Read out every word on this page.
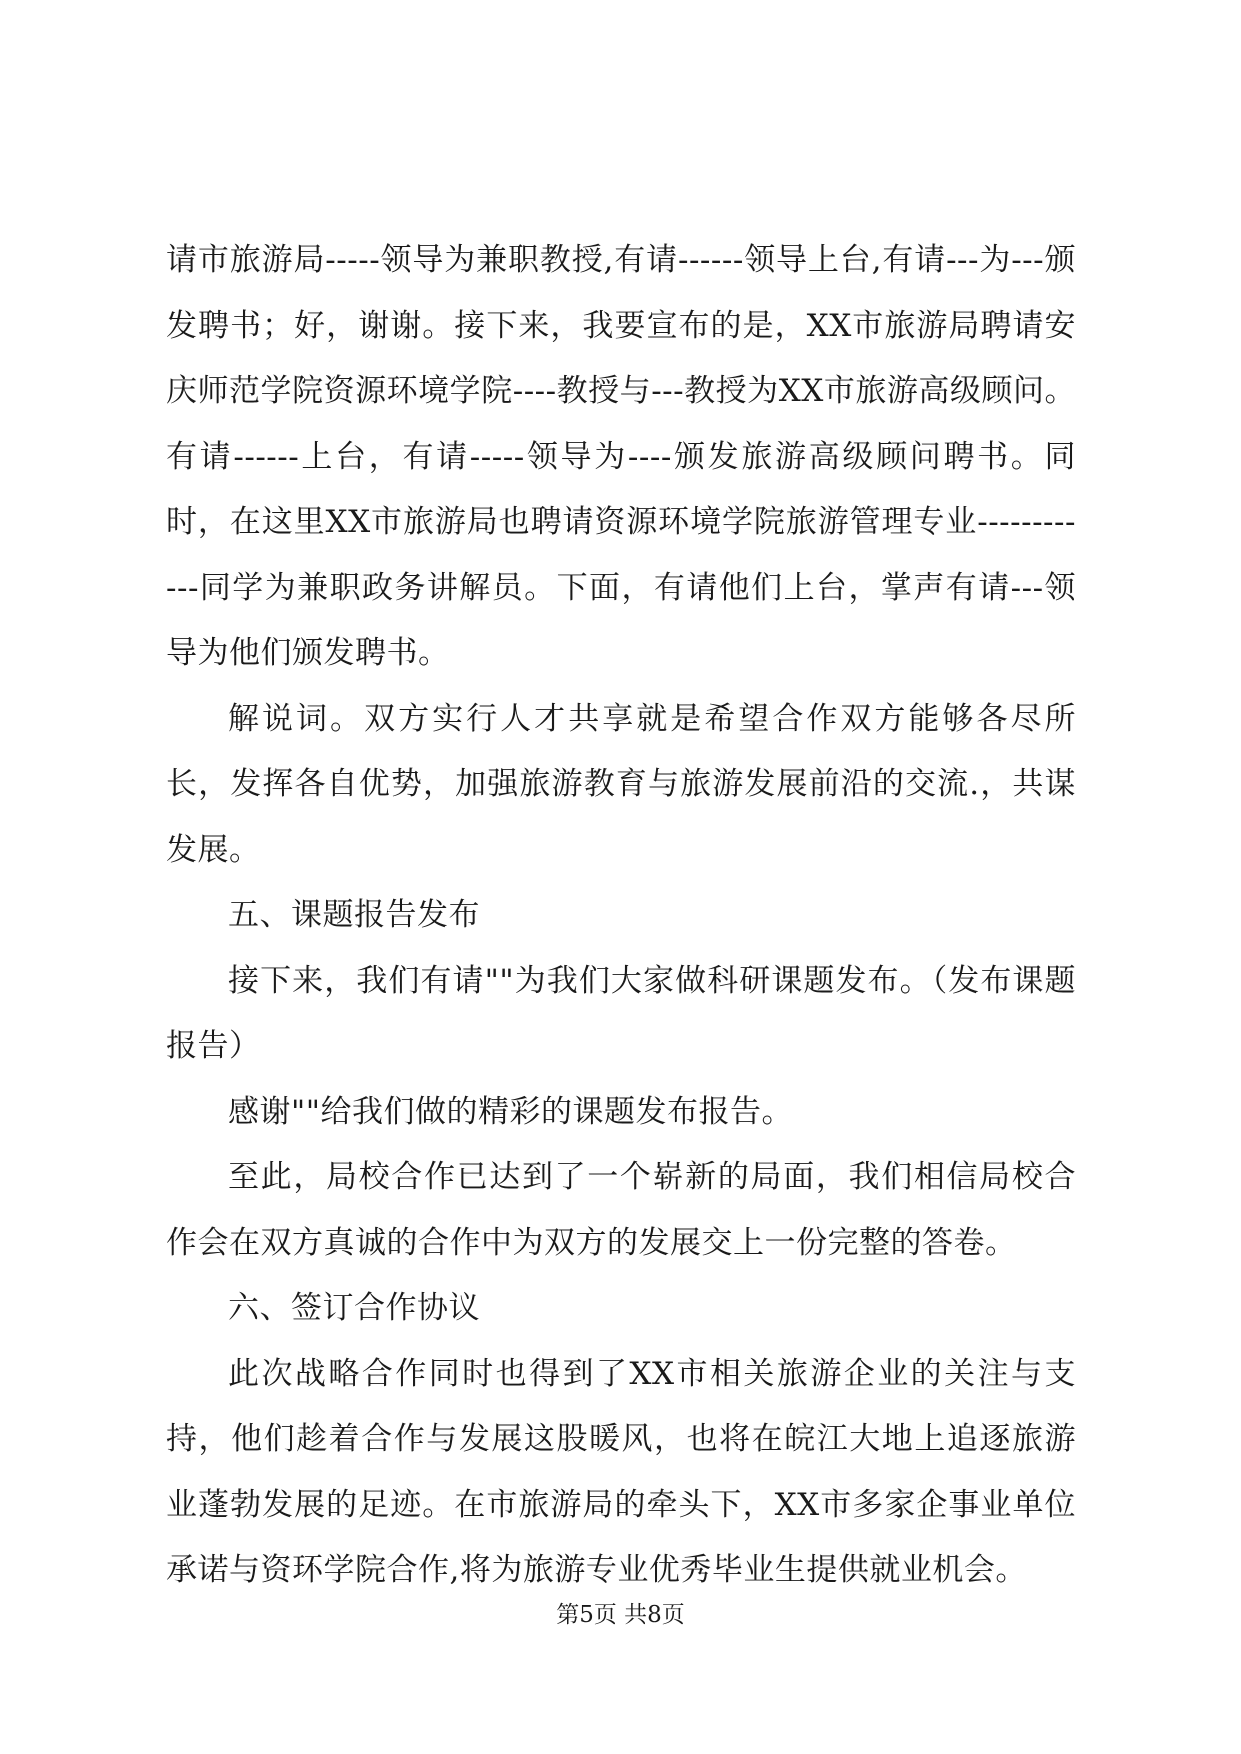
请市旅游局-----领导为兼职教授,有请------领导上台,有请---为---颁发聘书；好，谢谢。接下来，我要宣布的是，XX市旅游局聘请安庆师范学院资源环境学院----教授与---教授为XX市旅游高级顾问。有请------上台，有请-----领导为----颁发旅游高级顾问聘书。同时，在这里XX市旅游局也聘请资源环境学院旅游管理专业------------同学为兼职政务讲解员。下面，有请他们上台，掌声有请---领导为他们颁发聘书。

解说词。双方实行人才共享就是希望合作双方能够各尽所长，发挥各自优势，加强旅游教育与旅游发展前沿的交流.，共谋发展。

五、课题报告发布

接下来，我们有请""为我们大家做科研课题发布。（发布课题报告）

感谢""给我们做的精彩的课题发布报告。

至此，局校合作已达到了一个崭新的局面，我们相信局校合作会在双方真诚的合作中为双方的发展交上一份完整的答卷。

六、签订合作协议

此次战略合作同时也得到了XX市相关旅游企业的关注与支持，他们趁着合作与发展这股暖风，也将在皖江大地上追逐旅游业蓬勃发展的足迹。在市旅游局的牵头下，XX市多家企事业单位承诺与资环学院合作,将为旅游专业优秀毕业生提供就业机会。

第5页 共8页
